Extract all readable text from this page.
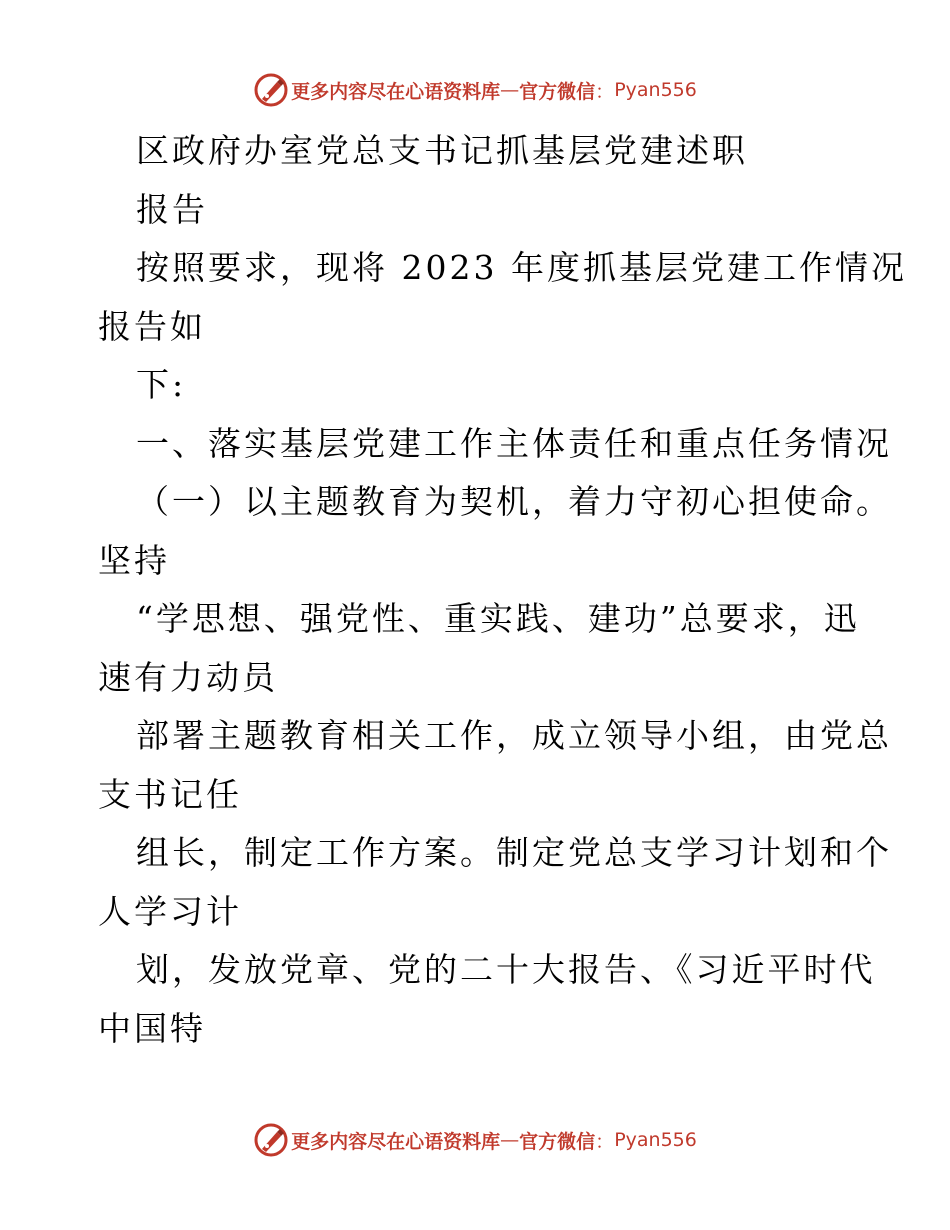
更多内容尽在心语资料库 — 官方微信 ： Pyan556
区政府办室党总支书记抓基层党建述职
报告
按照要求，现将 2023 年度抓基层党建工作情况
报告如
下:
一、落实基层党建工作主体责任和重点任务情况
（一）以主题教育为契机，着力守初心担使命。
坚持
“学思想、强党性、重实践、建功”总要求，迅
速有力动员
部署主题教育相关工作，成立领导小组，由党总
支书记任
组长，制定工作方案。制定党总支学习计划和个
人学习计
划，发放党章、党的二十大报告、《习近平时代
中国特
更多内容尽在心语资料库 — 官方微信 ： Pyan556
